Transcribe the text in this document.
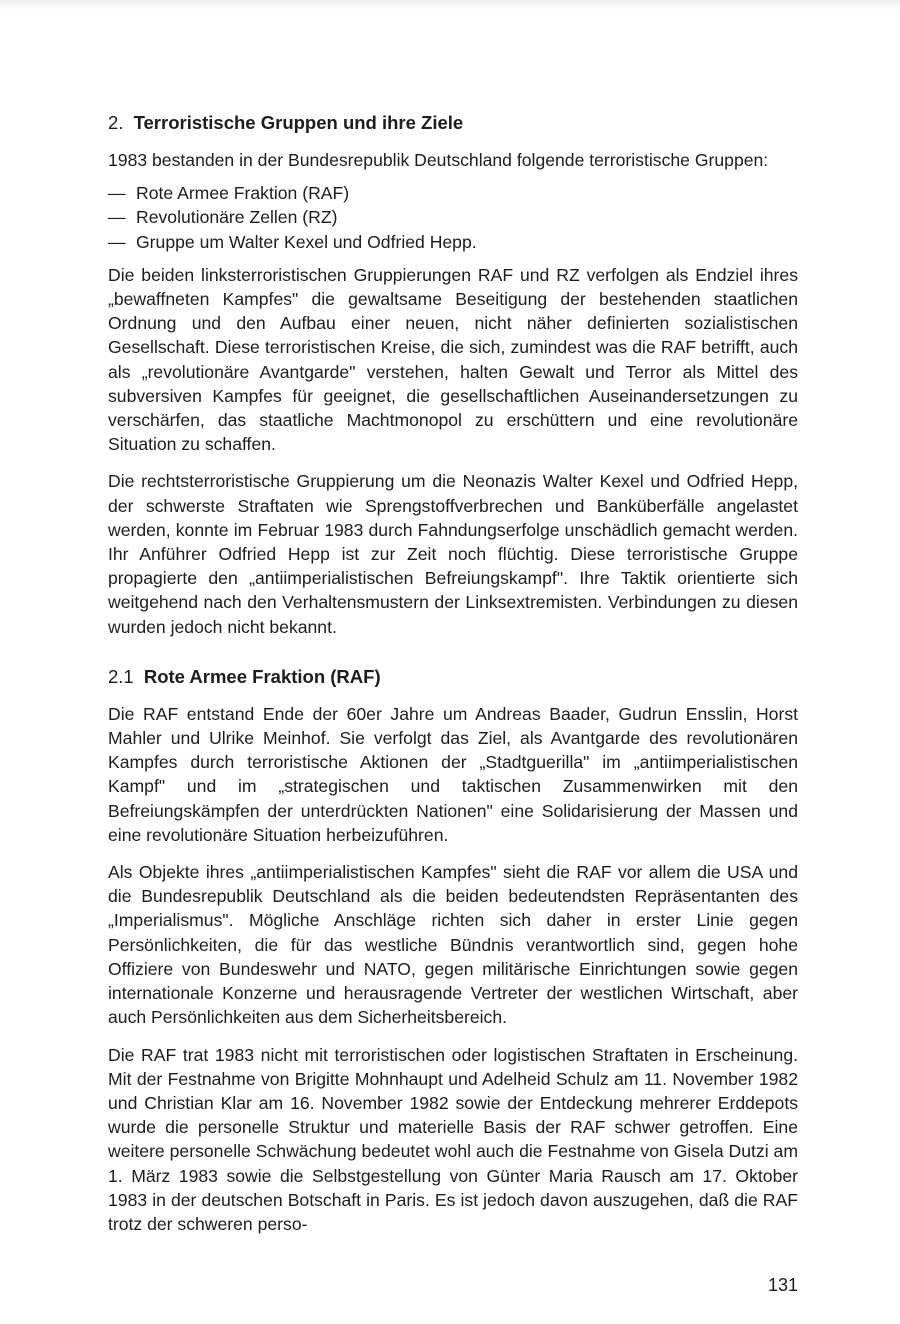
2. Terroristische Gruppen und ihre Ziele

1983 bestanden in der Bundesrepublik Deutschland folgende terroristische Gruppen:

— Rote Armee Fraktion (RAF)
— Revolutionäre Zellen (RZ)
— Gruppe um Walter Kexel und Odfried Hepp.

Die beiden linksterroristischen Gruppierungen RAF und RZ verfolgen als Endziel ihres „bewaffneten Kampfes" die gewaltsame Beseitigung der bestehenden staatlichen Ordnung und den Aufbau einer neuen, nicht näher definierten sozialistischen Gesellschaft. Diese terroristischen Kreise, die sich, zumindest was die RAF betrifft, auch als „revolutionäre Avantgarde" verstehen, halten Gewalt und Terror als Mittel des subversiven Kampfes für geeignet, die gesellschaftlichen Auseinandersetzungen zu verschärfen, das staatliche Machtmonopol zu erschüttern und eine revolutionäre Situation zu schaffen.

Die rechtsterroristische Gruppierung um die Neonazis Walter Kexel und Odfried Hepp, der schwerste Straftaten wie Sprengstoffverbrechen und Banküberfälle angelastet werden, konnte im Februar 1983 durch Fahndungserfolge unschädlich gemacht werden. Ihr Anführer Odfried Hepp ist zur Zeit noch flüchtig. Diese terroristische Gruppe propagierte den „antiimperialistischen Befreiungskampf". Ihre Taktik orientierte sich weitgehend nach den Verhaltensmustern der Linksextremisten. Verbindungen zu diesen wurden jedoch nicht bekannt.

2.1 Rote Armee Fraktion (RAF)

Die RAF entstand Ende der 60er Jahre um Andreas Baader, Gudrun Ensslin, Horst Mahler und Ulrike Meinhof. Sie verfolgt das Ziel, als Avantgarde des revolutionären Kampfes durch terroristische Aktionen der „Stadtguerilla" im „antiimperialistischen Kampf" und im „strategischen und taktischen Zusammenwirken mit den Befreiungskämpfen der unterdrückten Nationen" eine Solidarisierung der Massen und eine revolutionäre Situation herbeizuführen.

Als Objekte ihres „antiimperialistischen Kampfes" sieht die RAF vor allem die USA und die Bundesrepublik Deutschland als die beiden bedeutendsten Repräsentanten des „Imperialismus". Mögliche Anschläge richten sich daher in erster Linie gegen Persönlichkeiten, die für das westliche Bündnis verantwortlich sind, gegen hohe Offiziere von Bundeswehr und NATO, gegen militärische Einrichtungen sowie gegen internationale Konzerne und herausragende Vertreter der westlichen Wirtschaft, aber auch Persönlichkeiten aus dem Sicherheitsbereich.

Die RAF trat 1983 nicht mit terroristischen oder logistischen Straftaten in Erscheinung. Mit der Festnahme von Brigitte Mohnhaupt und Adelheid Schulz am 11. November 1982 und Christian Klar am 16. November 1982 sowie der Entdeckung mehrerer Erddepots wurde die personelle Struktur und materielle Basis der RAF schwer getroffen. Eine weitere personelle Schwächung bedeutet wohl auch die Festnahme von Gisela Dutzi am 1. März 1983 sowie die Selbstgestellung von Günter Maria Rausch am 17. Oktober 1983 in der deutschen Botschaft in Paris. Es ist jedoch davon auszugehen, daß die RAF trotz der schweren perso-

131
